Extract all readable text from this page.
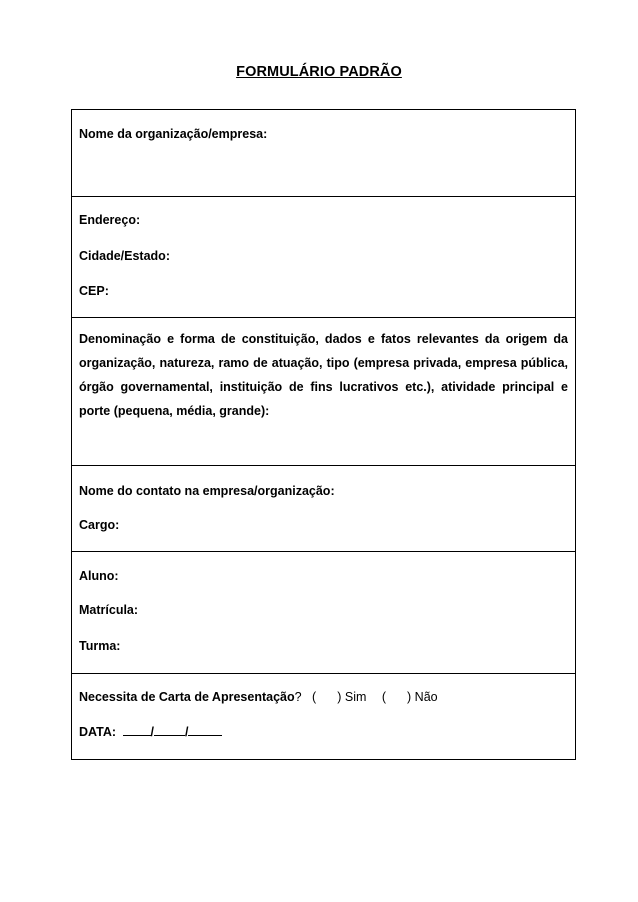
FORMULÁRIO PADRÃO
Nome da organização/empresa:
Endereço:
Cidade/Estado:
CEP:
Denominação e forma de constituição, dados e fatos relevantes da origem da organização, natureza, ramo de atuação, tipo (empresa privada, empresa pública, órgão governamental, instituição de fins lucrativos etc.), atividade principal e porte (pequena, média, grande):
Nome do contato na empresa/organização:
Cargo:
Aluno:
Matrícula:
Turma:
Necessita de Carta de Apresentação? ( ) Sim ( ) Não
DATA:	/ /
